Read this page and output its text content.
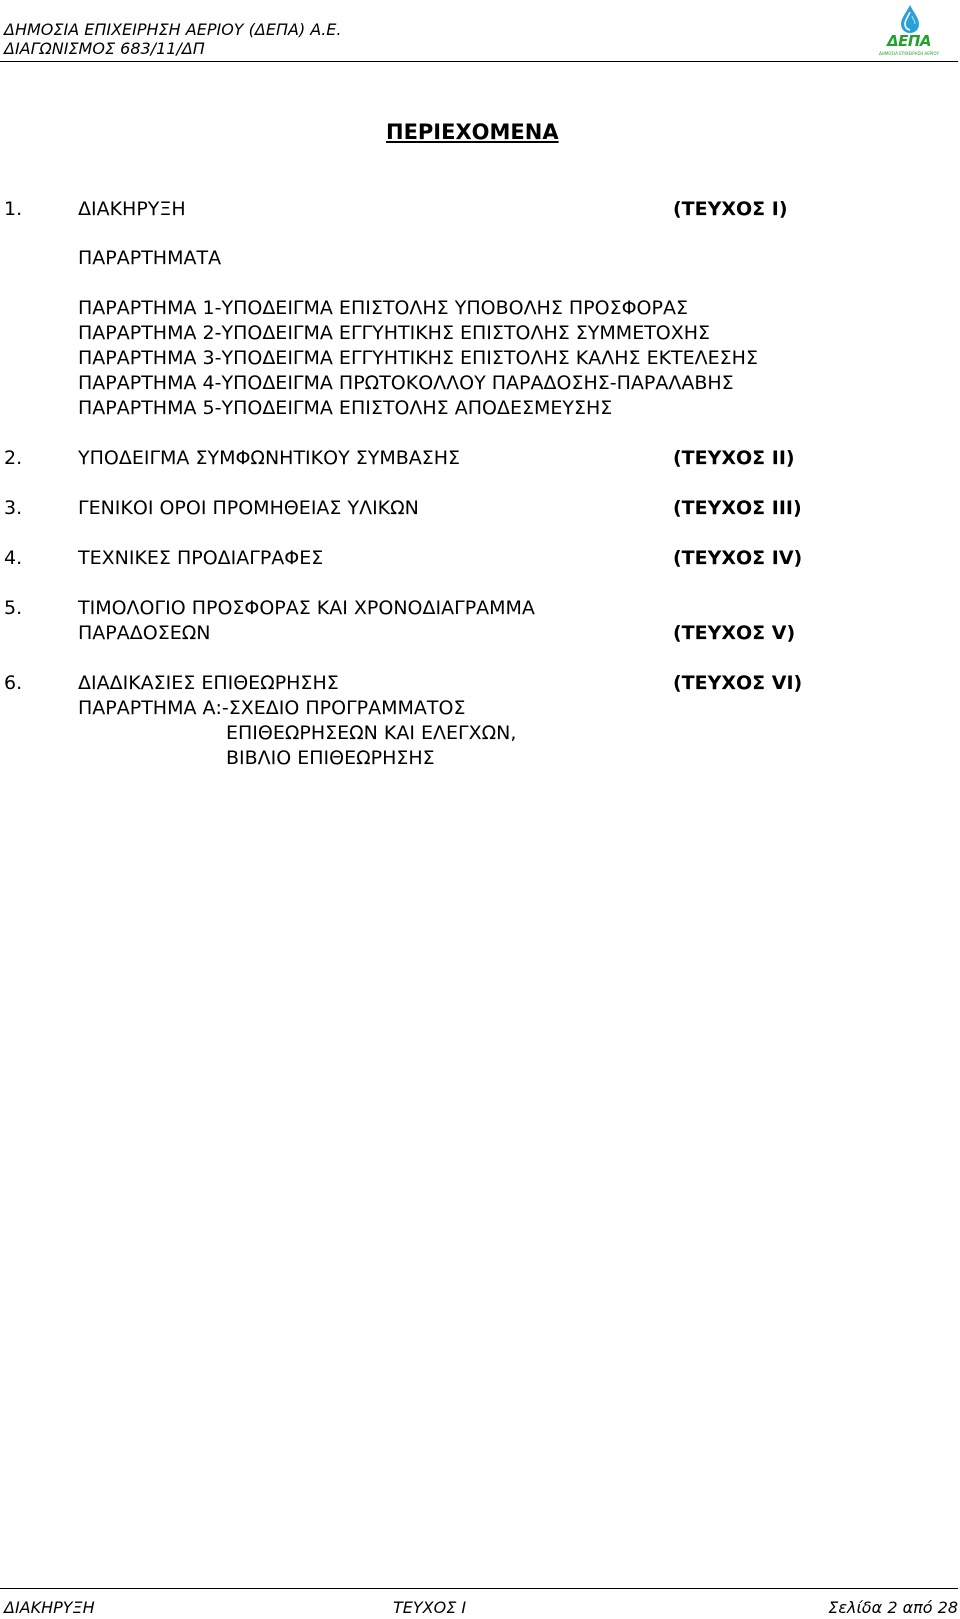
ΔΗΜΟΣΙΑ ΕΠΙΧΕΙΡΗΣΗ ΑΕΡΙΟΥ (ΔΕΠΑ) Α.Ε.
ΔΙΑΓΩΝΙΣΜΟΣ 683/11/ΔΠ	ΔΕΠΑ
ΔΗΜΟΣΙΑ ΕΠΙΧΕΙΡΗΣΗ ΑΕΡΙΟΥ
ΠΕΡΙΕΧΟΜΕΝΑ
1.	ΔΙΑΚΗΡΥΞΗ	(ΤΕΥΧΟΣ Ι)
ΠΑΡΑΡΤΗΜΑΤΑ
ΠΑΡΑΡΤΗΜΑ 1-ΥΠΟΔΕΙΓΜΑ ΕΠΙΣΤΟΛΗΣ ΥΠΟΒΟΛΗΣ ΠΡΟΣΦΟΡΑΣ
ΠΑΡΑΡΤΗΜΑ 2-ΥΠΟΔΕΙΓΜΑ ΕΓΓΥΗΤΙΚΗΣ ΕΠΙΣΤΟΛΗΣ ΣΥΜΜΕΤΟΧΗΣ
ΠΑΡΑΡΤΗΜΑ 3-ΥΠΟΔΕΙΓΜΑ ΕΓΓΥΗΤΙΚΗΣ ΕΠΙΣΤΟΛΗΣ ΚΑΛΗΣ ΕΚΤΕΛΕΣΗΣ
ΠΑΡΑΡΤΗΜΑ 4-ΥΠΟΔΕΙΓΜΑ ΠΡΩΤΟΚΟΛΛΟΥ ΠΑΡΑΔΟΣΗΣ-ΠΑΡΑΛΑΒΗΣ
ΠΑΡΑΡΤΗΜΑ 5-ΥΠΟΔΕΙΓΜΑ ΕΠΙΣΤΟΛΗΣ ΑΠΟΔΕΣΜΕΥΣΗΣ
2.	ΥΠΟΔΕΙΓΜΑ ΣΥΜΦΩΝΗΤΙΚΟΥ ΣΥΜΒΑΣΗΣ	(ΤΕΥΧΟΣ ΙΙ)
3.	ΓΕΝΙΚΟΙ ΟΡΟΙ ΠΡΟΜΗΘΕΙΑΣ ΥΛΙΚΩΝ	(ΤΕΥΧΟΣ ΙΙΙ)
4.	ΤΕΧΝΙΚΕΣ ΠΡΟΔΙΑΓΡΑΦΕΣ	(ΤΕΥΧΟΣ ΙV)
5.	ΤΙΜΟΛΟΓΙΟ ΠΡΟΣΦΟΡΑΣ ΚΑΙ ΧΡΟΝΟΔΙΑΓΡΑΜΜΑ
ΠΑΡΑΔΟΣΕΩΝ	(ΤΕΥΧΟΣ V)
6.	ΔΙΑΔΙΚΑΣΙΕΣ ΕΠΙΘΕΩΡΗΣΗΣ	(ΤΕΥΧΟΣ VI)
ΠΑΡΑΡΤΗΜΑ Α:-ΣΧΕΔΙΟ ΠΡΟΓΡΑΜΜΑΤΟΣ
ΕΠΙΘΕΩΡΗΣΕΩΝ ΚΑΙ ΕΛΕΓΧΩΝ,
ΒΙΒΛΙΟ ΕΠΙΘΕΩΡΗΣΗΣ
ΔΙΑΚΗΡΥΞΗ	ΤΕΥΧΟΣ Ι	Σελίδα 2 από 28
